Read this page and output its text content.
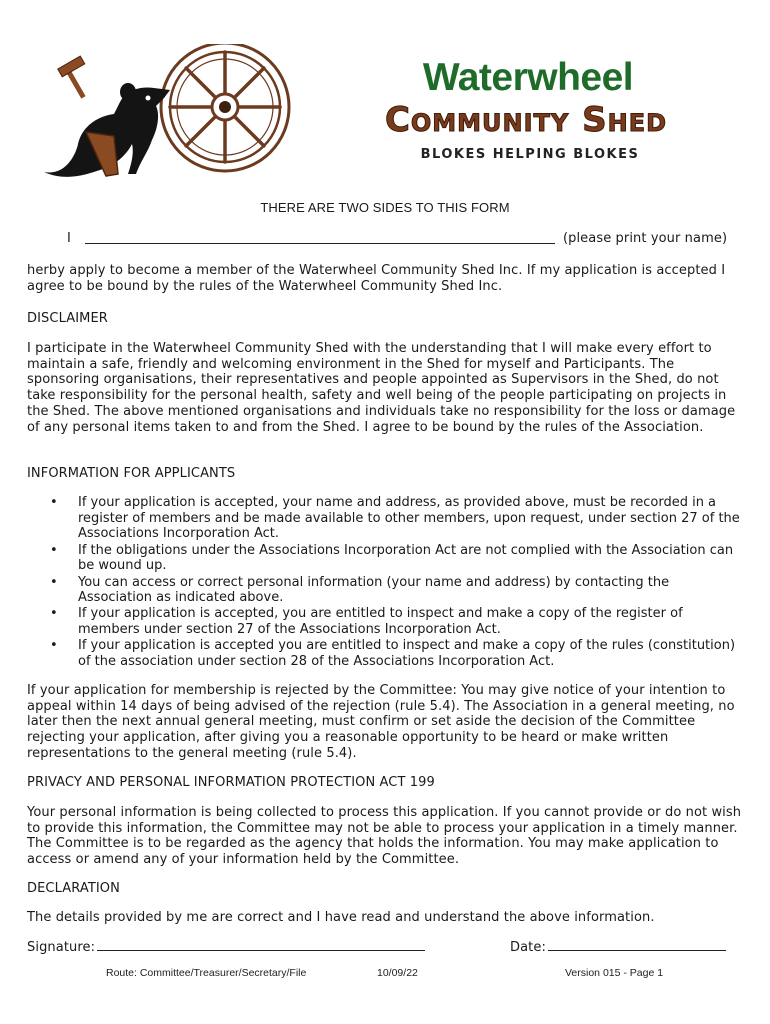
Waterwheel
Community Shed
BLOKES HELPING BLOKES
THERE ARE TWO SIDES TO THIS FORM
I	(please print your name)
herby apply to become a member of the Waterwheel Community Shed Inc. If my application is accepted I agree to be bound by the rules of the Waterwheel Community Shed Inc.
DISCLAIMER
I participate in the Waterwheel Community Shed with the understanding that I will make every effort to maintain a safe, friendly and welcoming environment in the Shed for myself and Participants. The sponsoring organisations, their representatives and people appointed as Supervisors in the Shed, do not take responsibility for the personal health, safety and well being of the people participating on projects in the Shed. The above mentioned organisations and individuals take no responsibility for the loss or damage of any personal items taken to and from the Shed. I agree to be bound by the rules of the Association.
INFORMATION FOR APPLICANTS
• If your application is accepted, your name and address, as provided above, must be recorded in a register of members and be made available to other members, upon request, under section 27 of the Associations Incorporation Act.
• If the obligations under the Associations Incorporation Act are not complied with the Association can be wound up.
• You can access or correct personal information (your name and address) by contacting the Association as indicated above.
• If your application is accepted, you are entitled to inspect and make a copy of the register of members under section 27 of the Associations Incorporation Act.
• If your application is accepted you are entitled to inspect and make a copy of the rules (constitution) of the association under section 28 of the Associations Incorporation Act.
If your application for membership is rejected by the Committee: You may give notice of your intention to appeal within 14 days of being advised of the rejection (rule 5.4). The Association in a general meeting, no later then the next annual general meeting, must confirm or set aside the decision of the Committee rejecting your application, after giving you a reasonable opportunity to be heard or make written representations to the general meeting (rule 5.4).
PRIVACY AND PERSONAL INFORMATION PROTECTION ACT 199
Your personal information is being collected to process this application. If you cannot provide or do not wish to provide this information, the Committee may not be able to process your application in a timely manner. The Committee is to be regarded as the agency that holds the information. You may make application to access or amend any of your information held by the Committee.
DECLARATION
The details provided by me are correct and I have read and understand the above information.
Signature:	Date:
Route: Committee/Treasurer/Secretary/File	10/09/22	Version 015 - Page 1
